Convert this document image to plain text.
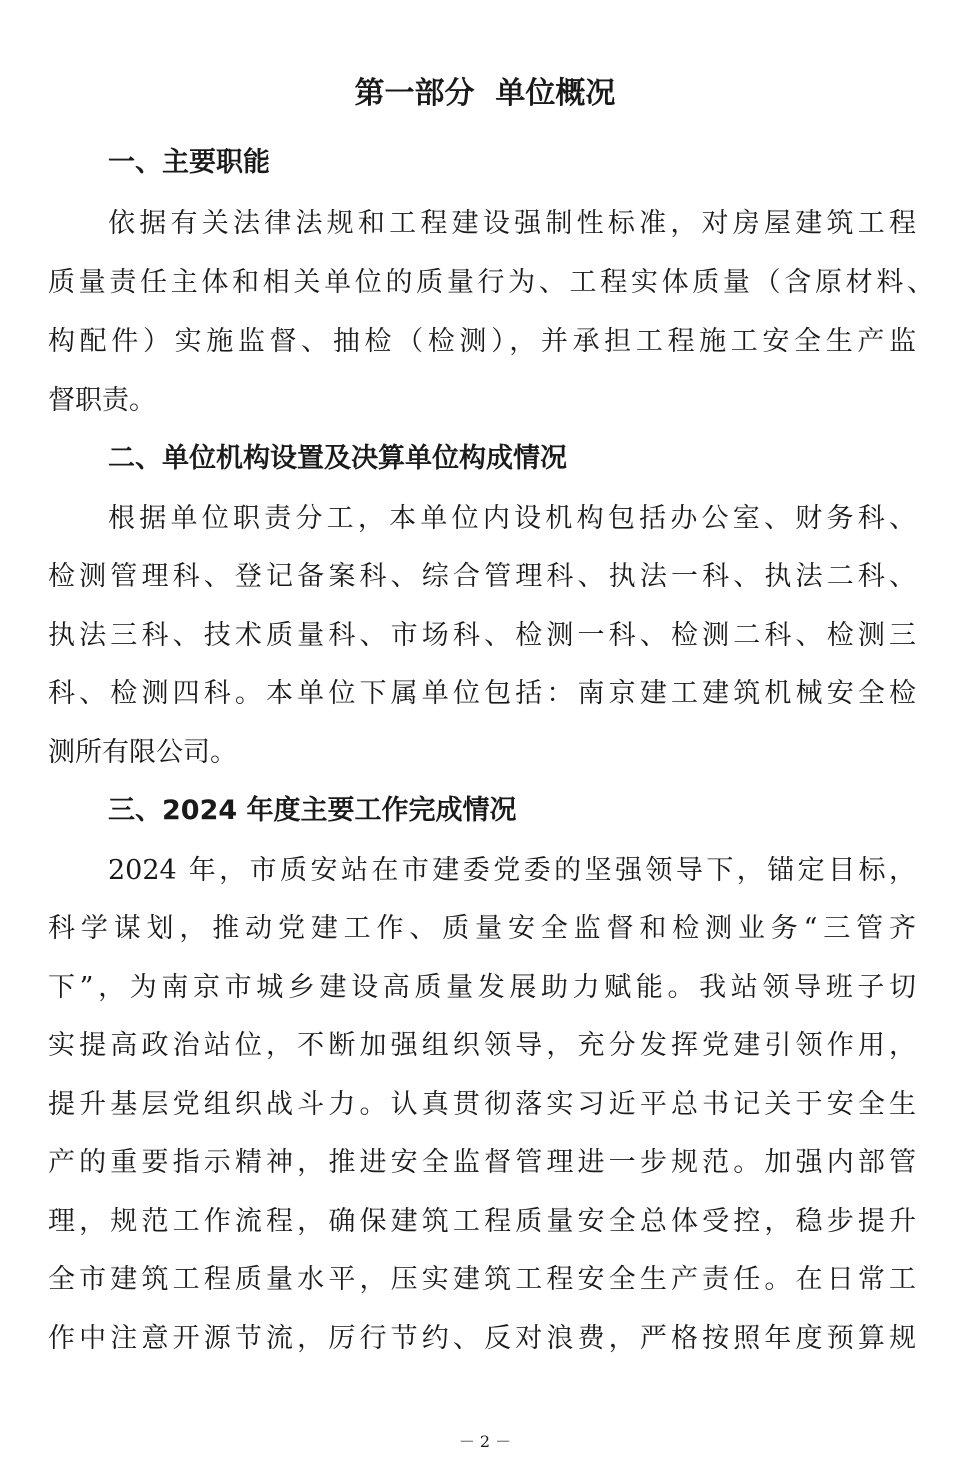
第一部分  单位概况
一、主要职能

依据有关法律法规和工程建设强制性标准，对房屋建筑工程

质量责任主体和相关单位的质量行为、工程实体质量（含原材料、

构配件）实施监督、抽检（检测），并承担工程施工安全生产监

督职责。

二、单位机构设置及决算单位构成情况

根据单位职责分工，本单位内设机构包括办公室、财务科、

检测管理科、登记备案科、综合管理科、执法一科、执法二科、

执法三科、技术质量科、市场科、检测一科、检测二科、检测三

科、检测四科。本单位下属单位包括：南京建工建筑机械安全检

测所有限公司。

三、2024 年度主要工作完成情况

2024 年，市质安站在市建委党委的坚强领导下，锚定目标，

科学谋划，推动党建工作、质量安全监督和检测业务“三管齐

下”，为南京市城乡建设高质量发展助力赋能。我站领导班子切

实提高政治站位，不断加强组织领导，充分发挥党建引领作用，

提升基层党组织战斗力。认真贯彻落实习近平总书记关于安全生

产的重要指示精神，推进安全监督管理进一步规范。加强内部管

理，规范工作流程，确保建筑工程质量安全总体受控，稳步提升

全市建筑工程质量水平，压实建筑工程安全生产责任。在日常工

作中注意开源节流，厉行节约、反对浪费，严格按照年度预算规

－ 2 －
